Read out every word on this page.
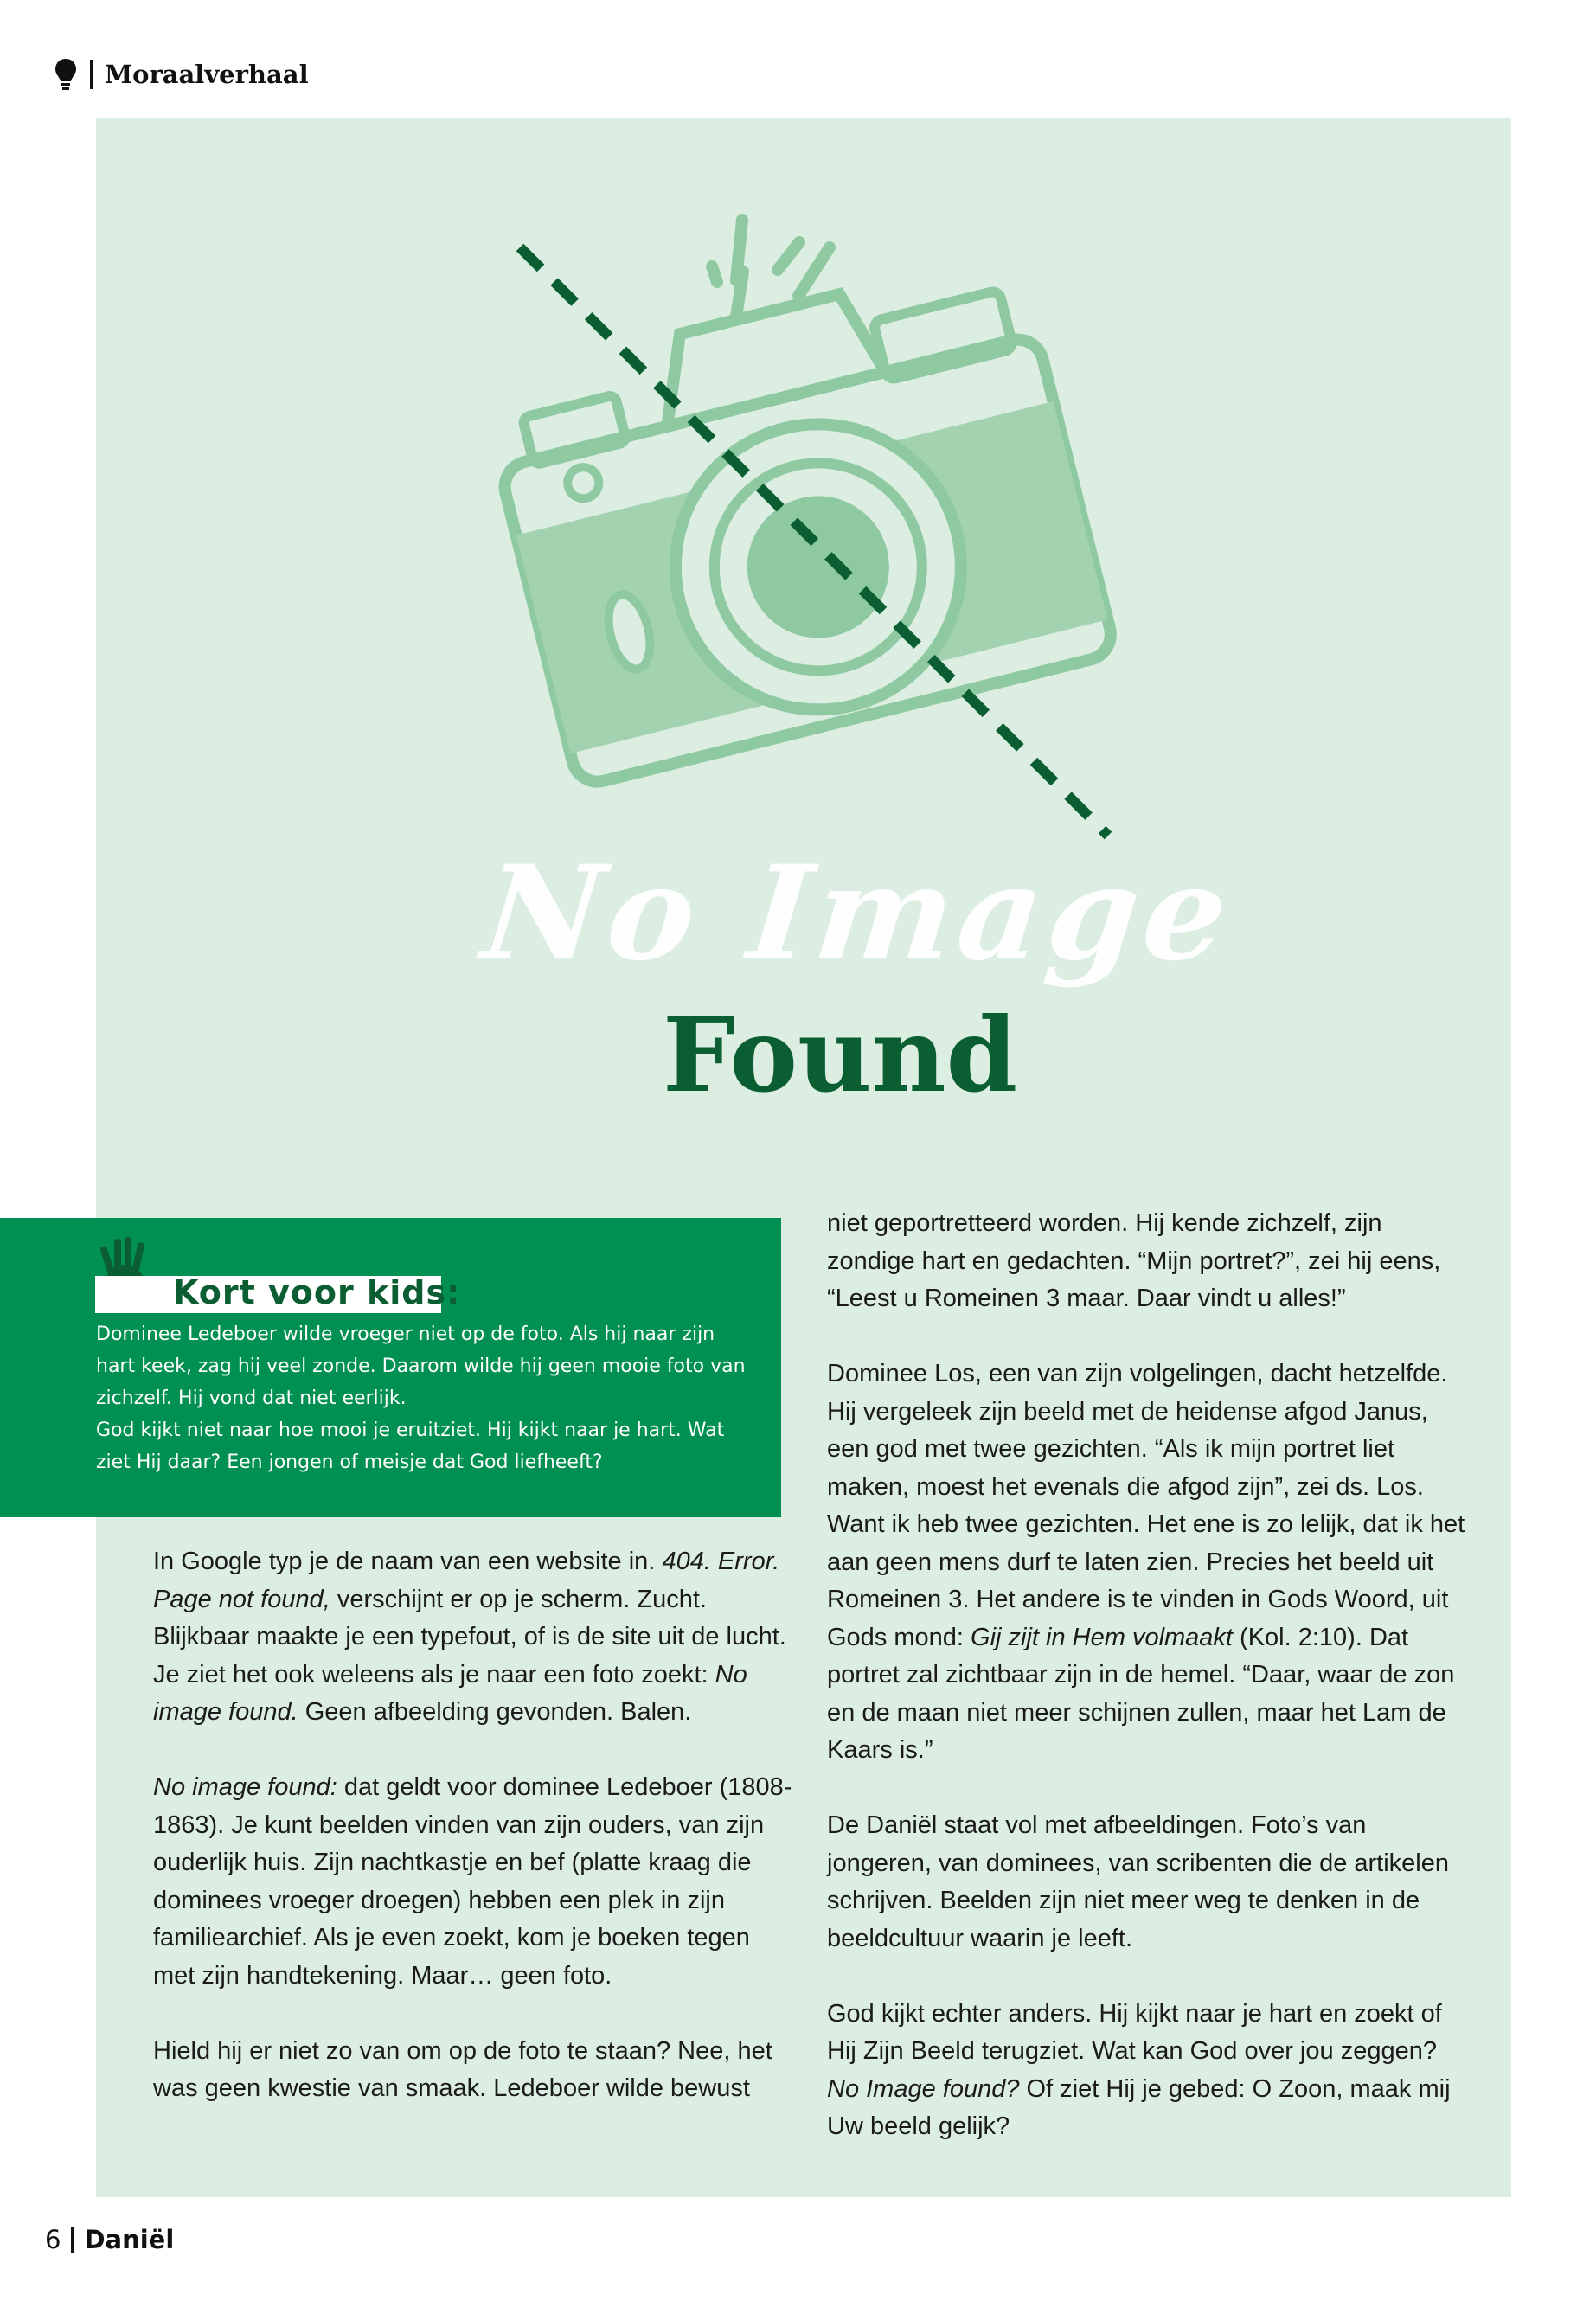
Moraalverhaal
No Image
Found
Kort voor kids:

Dominee Ledeboer wilde vroeger niet op de foto. Als hij naar zijn hart keek, zag hij veel zonde. Daarom wilde hij geen mooie foto van zichzelf. Hij vond dat niet eerlijk.

God kijkt niet naar hoe mooi je eruitziet. Hij kijkt naar je hart. Wat ziet Hij daar? Een jongen of meisje dat God liefheeft?

In Google typ je de naam van een website in. 404. Error. Page not found, verschijnt er op je scherm. Zucht. Blijkbaar maakte je een typefout, of is de site uit de lucht. Je ziet het ook weleens als je naar een foto zoekt: No image found. Geen afbeelding gevonden. Balen.

No image found: dat geldt voor dominee Ledeboer (1808-1863). Je kunt beelden vinden van zijn ouders, van zijn ouderlijk huis. Zijn nachtkastje en bef (platte kraag die dominees vroeger droegen) hebben een plek in zijn familiearchief. Als je even zoekt, kom je boeken tegen met zijn handtekening. Maar… geen foto.

Hield hij er niet zo van om op de foto te staan? Nee, het was geen kwestie van smaak. Ledeboer wilde bewust

niet geportretteerd worden. Hij kende zichzelf, zijn zondige hart en gedachten. “Mijn portret?”, zei hij eens, “Leest u Romeinen 3 maar. Daar vindt u alles!”

Dominee Los, een van zijn volgelingen, dacht hetzelfde. Hij vergeleek zijn beeld met de heidense afgod Janus, een god met twee gezichten. “Als ik mijn portret liet maken, moest het evenals die afgod zijn”, zei ds. Los. Want ik heb twee gezichten. Het ene is zo lelijk, dat ik het aan geen mens durf te laten zien. Precies het beeld uit Romeinen 3. Het andere is te vinden in Gods Woord, uit Gods mond: Gij zijt in Hem volmaakt (Kol. 2:10). Dat portret zal zichtbaar zijn in de hemel. “Daar, waar de zon en de maan niet meer schijnen zullen, maar het Lam de Kaars is.”

De Daniël staat vol met afbeeldingen. Foto’s van jongeren, van dominees, van scribenten die de artikelen schrijven. Beelden zijn niet meer weg te denken in de beeldcultuur waarin je leeft.

God kijkt echter anders. Hij kijkt naar je hart en zoekt of Hij Zijn Beeld terugziet. Wat kan God over jou zeggen? No Image found? Of ziet Hij je gebed: O Zoon, maak mij Uw beeld gelijk?

6 Daniël
